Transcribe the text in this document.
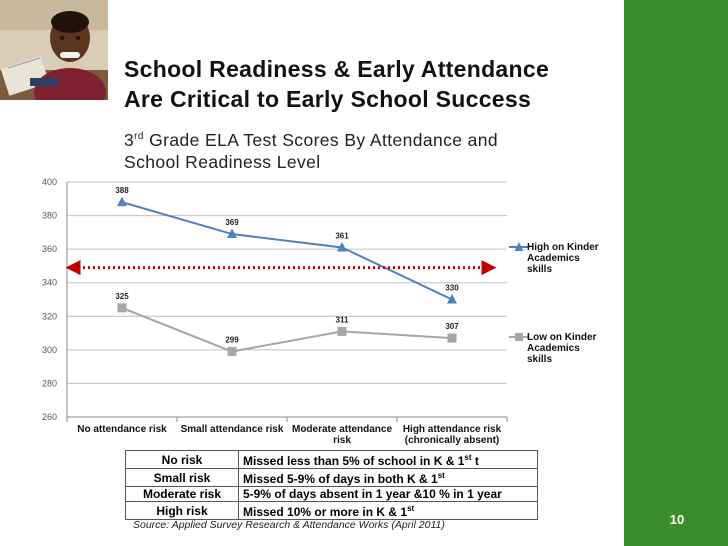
10
School Readiness & Early Attendance
Are Critical to Early School Success
3rd Grade ELA Test Scores By Attendance and
School Readiness Level
260
280
300
320
340
360
380
400
No attendance risk Small attendance risk Moderate attendance
risk
High attendance risk
(chronically absent)
388
369
361
330
325
299
311
307
High on Kinder
Academics
skills
Low on Kinder
Academics
skills
No risk	Missed less than 5% of school in K & 1st t
Small risk	Missed 5-9% of days in both K & 1st
Moderate risk	5-9% of days absent in 1 year &10 % in 1 year
High risk	Missed 10% or more in K & 1st
Source: Applied Survey Research & Attendance Works (April 2011)
